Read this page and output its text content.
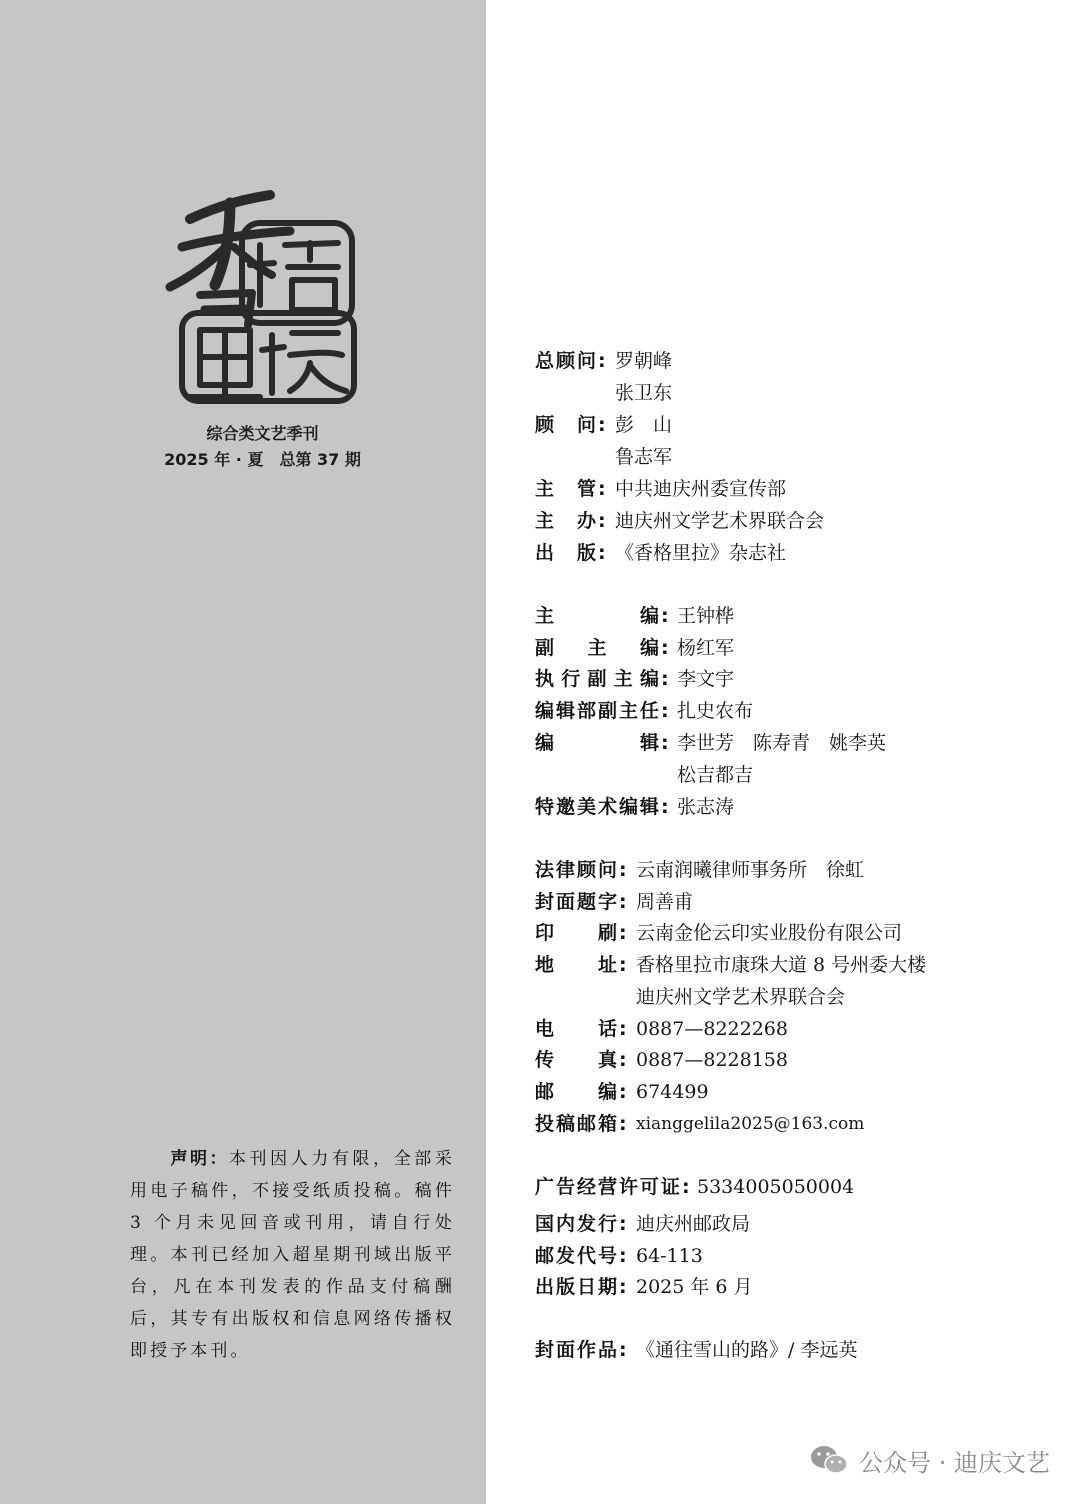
综合类文艺季刊
2025 年 · 夏　总第 37 期
声明：本刊因人力有限，全部采用电子稿件，不接受纸质投稿。稿件 3 个月未见回音或刊用，请自行处理。本刊已经加入超星期刊域出版平台，凡在本刊发表的作品支付稿酬后，其专有出版权和信息网络传播权即授予本刊。
总 顾 问 : 罗朝峰
张卫东
顾 问 : 彭　山
鲁志军
主 管 : 中共迪庆州委宣传部
主 办 : 迪庆州文学艺术界联合会
出 版 : 《香格里拉》杂志社
主	编 : 王钟桦
副 主 编 : 杨红军
执 行 副 主 编 : 李文宇
编 辑 部 副 主 任 : 扎史农布
编	辑 : 李世芳　陈寿青　姚李英
松吉都吉
特 邀 美 术 编 辑 : 张志涛
法 律 顾 问 : 云南润曦律师事务所　徐虹
封 面 题 字 : 周善甫
印 刷 : 云南金伦云印实业股份有限公司
地 址 : 香格里拉市康珠大道 8 号州委大楼
迪庆州文学艺术界联合会
电 话 : 0887—8222268
传 真 : 0887—8228158
邮 编 : 674499
投 稿 邮 箱 : xianggelila2025@163.com
广 告 经 营 许 可 证 : 5334005050004
国 内 发 行 : 迪庆州邮政局
邮 发 代 号 : 64-113
出 版 日 期 : 2025 年 6 月
封 面 作 品 : 《通往雪山的路》/ 李远英
公众号 · 迪庆文艺
